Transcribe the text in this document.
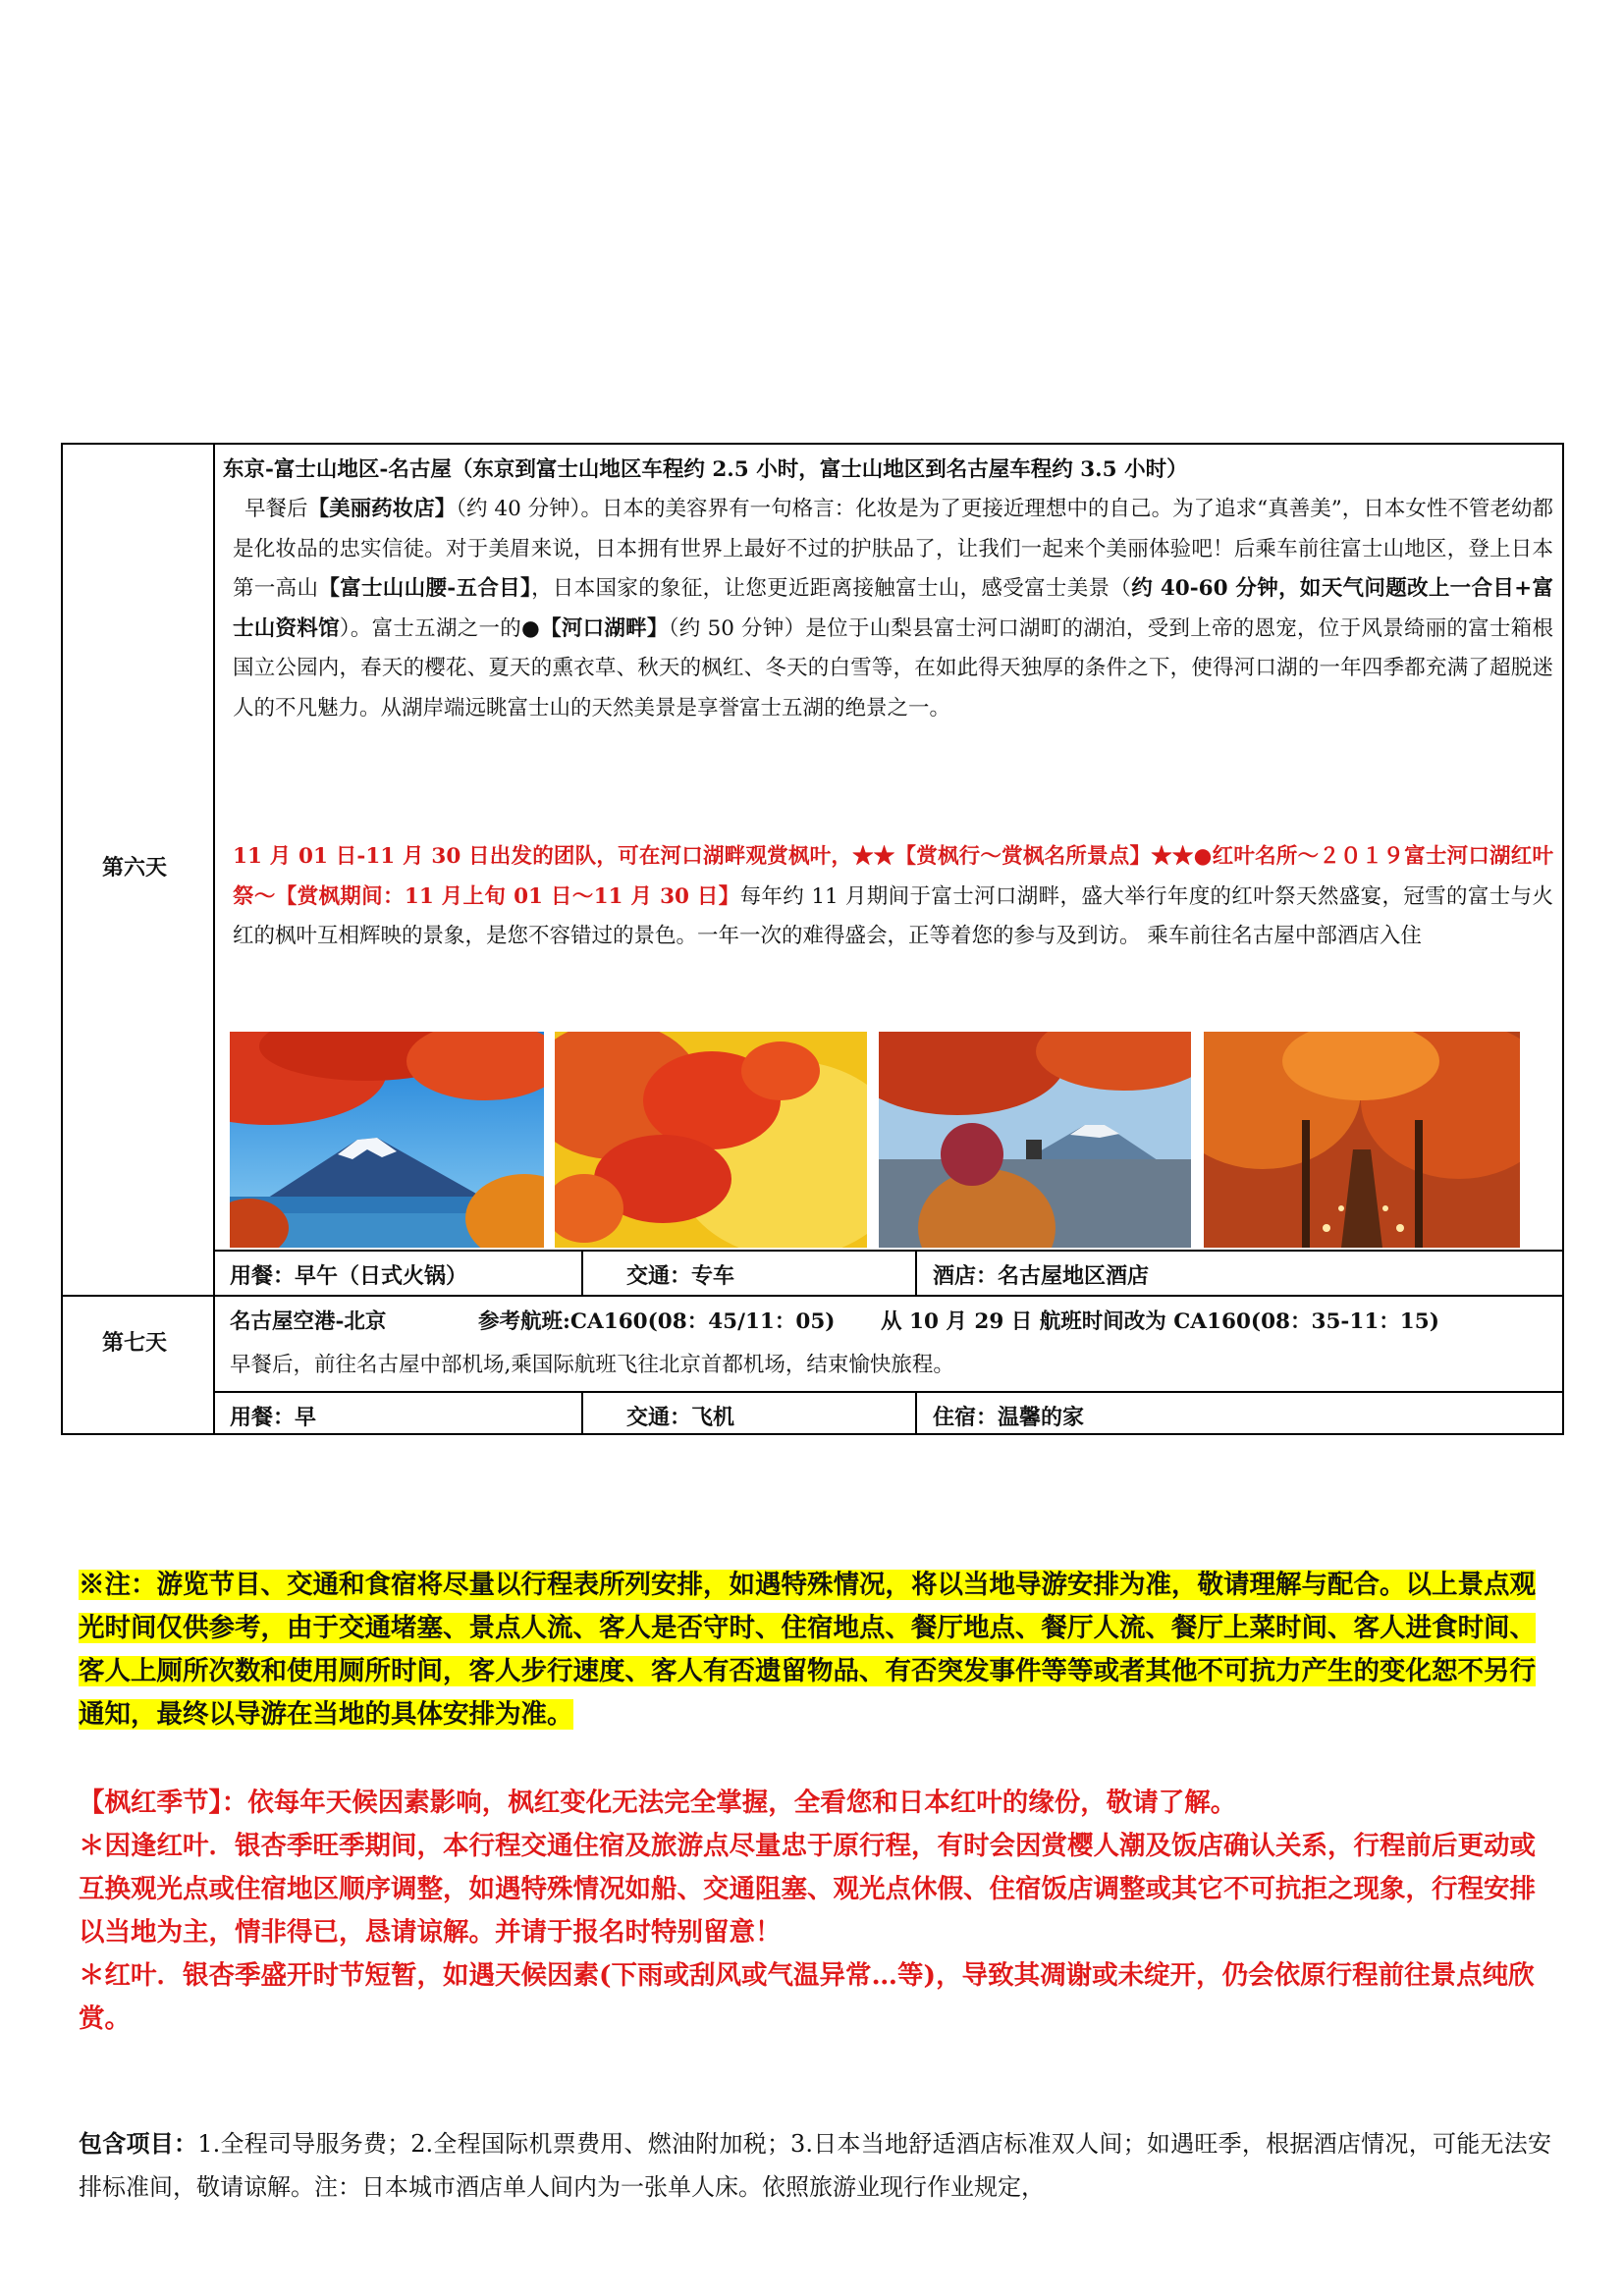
第六天
东京-富士山地区-名古屋（东京到富士山地区车程约 2.5 小时，富士山地区到名古屋车程约 3.5 小时）
早餐后【美丽药妆店】（约 40 分钟）。日本的美容界有一句格言：化妆是为了更接近理想中的自己。为了追求“真善美”，日本女性不管老幼都是化妆品的忠实信徒。对于美眉来说，日本拥有世界上最好不过的护肤品了，让我们一起来个美丽体验吧！后乘车前往富士山地区，登上日本第一高山【富士山山腰-五合目】，日本国家的象征，让您更近距离接触富士山，感受富士美景（约 40-60 分钟，如天气问题改上一合目+富士山资料馆）。富士五湖之一的●【河口湖畔】（约 50 分钟）是位于山梨县富士河口湖町的湖泊，受到上帝的恩宠，位于风景绮丽的富士箱根国立公园内，春天的樱花、夏天的熏衣草、秋天的枫红、冬天的白雪等，在如此得天独厚的条件之下，使得河口湖的一年四季都充满了超脱迷人的不凡魅力。从湖岸端远眺富士山的天然美景是享誉富士五湖的绝景之一。
11 月 01 日-11 月 30 日出发的团队，可在河口湖畔观赏枫叶，★★【赏枫行～赏枫名所景点】★★●红叶名所～２０１９富士河口湖红叶祭～【赏枫期间：11 月上旬 01 日～11 月 30 日】每年约 11 月期间于富士河口湖畔，盛大举行年度的红叶祭天然盛宴，冠雪的富士与火红的枫叶互相辉映的景象，是您不容错过的景色。一年一次的难得盛会，正等着您的参与及到访。 乘车前往名古屋中部酒店入住
用餐：早午（日式火锅）	交通：专车	酒店：名古屋地区酒店
第七天
名古屋空港-北京	参考航班:CA160(08：45/11：05) 从 10 月 29 日 航班时间改为 CA160(08：35-11：15)
早餐后，前往名古屋中部机场,乘国际航班飞往北京首都机场，结束愉快旅程。
用餐：早	交通：飞机	住宿：温馨的家
※注：游览节目、交通和食宿将尽量以行程表所列安排，如遇特殊情况，将以当地导游安排为准，敬请理解与配合。以上景点观光时间仅供参考，由于交通堵塞、景点人流、客人是否守时、住宿地点、餐厅地点、餐厅人流、餐厅上菜时间、客人进食时间、客人上厕所次数和使用厕所时间，客人步行速度、客人有否遗留物品、有否突发事件等等或者其他不可抗力产生的变化恕不另行通知，最终以导游在当地的具体安排为准。
【枫红季节】：依每年天候因素影响，枫红变化无法完全掌握，全看您和日本红叶的缘份，敬请了解。
＊因逢红叶．银杏季旺季期间，本行程交通住宿及旅游点尽量忠于原行程，有时会因赏樱人潮及饭店确认关系，行程前后更动或互换观光点或住宿地区顺序调整，如遇特殊情况如船、交通阻塞、观光点休假、住宿饭店调整或其它不可抗拒之现象，行程安排以当地为主，情非得已，恳请谅解。并请于报名时特别留意！
＊红叶．银杏季盛开时节短暂，如遇天候因素(下雨或刮风或气温异常…等)，导致其凋谢或未绽开，仍会依原行程前往景点纯欣赏。
包含项目：1.全程司导服务费；2.全程国际机票费用、燃油附加税；3.日本当地舒适酒店标准双人间；如遇旺季，根据酒店情况，可能无法安排标准间，敬请谅解。注：日本城市酒店单人间内为一张单人床。依照旅游业现行作业规定，
